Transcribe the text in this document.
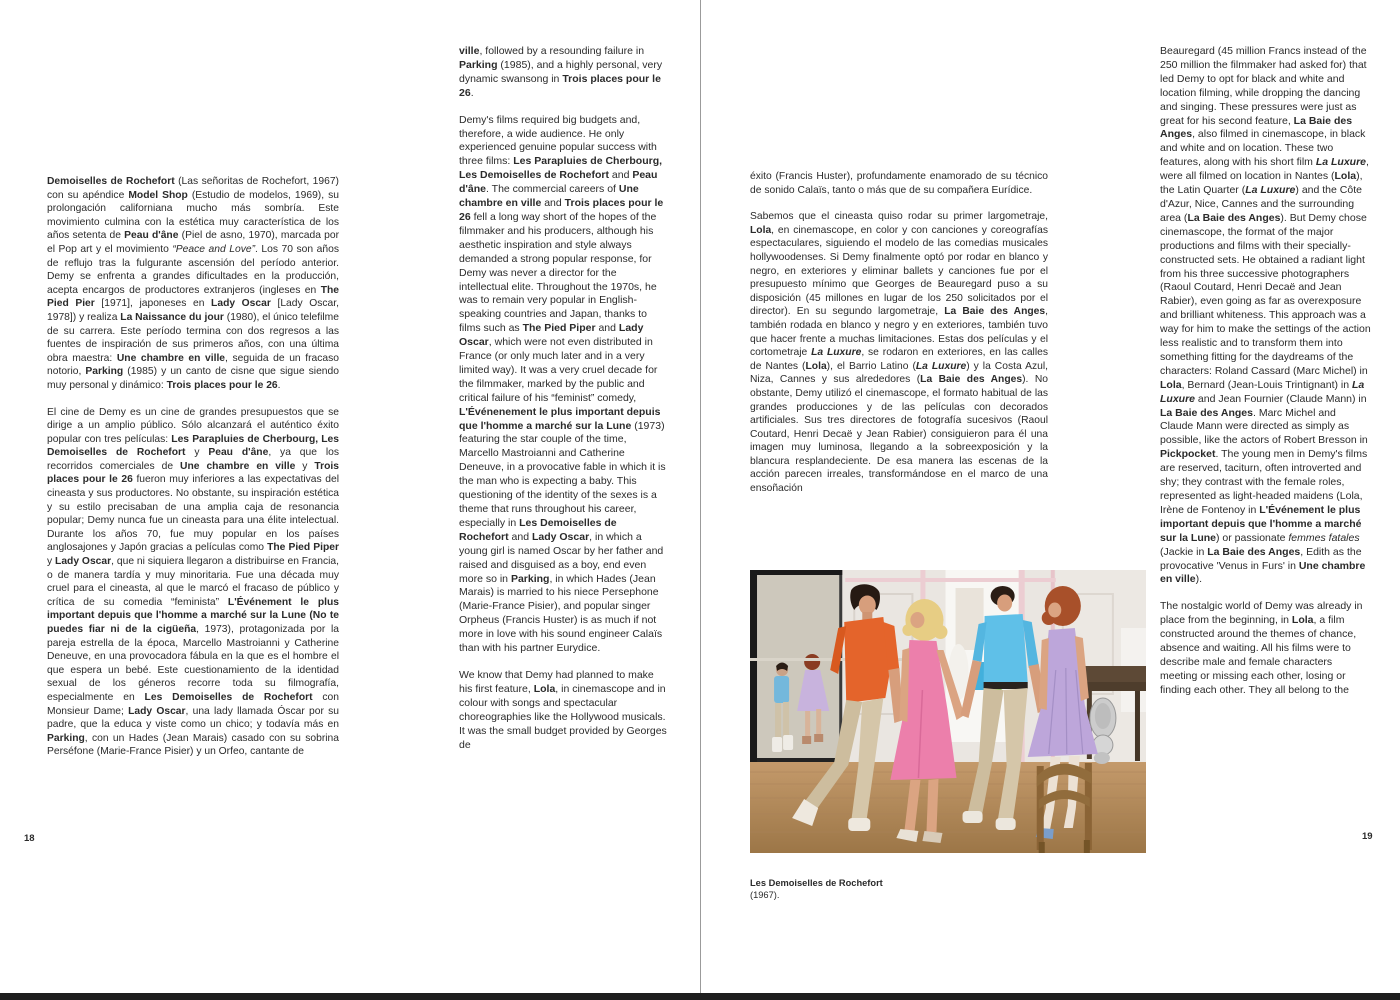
Demoiselles de Rochefort (Las señoritas de Rochefort, 1967) con su apéndice Model Shop (Estudio de modelos, 1969), su prolongación californiana mucho más sombría. Este movimiento culmina con la estética muy característica de los años setenta de Peau d'âne (Piel de asno, 1970), marcada por el Pop art y el movimiento “Peace and Love”. Los 70 son años de reflujo tras la fulgurante ascensión del período anterior. Demy se enfrenta a grandes dificultades en la producción, acepta encargos de productores extranjeros (ingleses en The Pied Pier [1971], japoneses en Lady Oscar [Lady Oscar, 1978]) y realiza La Naissance du jour (1980), el único telefilme de su carrera. Este período termina con dos regresos a las fuentes de inspiración de sus primeros años, con una última obra maestra: Une chambre en ville, seguida de un fracaso notorio, Parking (1985) y un canto de cisne que sigue siendo muy personal y dinámico: Trois places pour le 26.

El cine de Demy es un cine de grandes presupuestos que se dirige a un amplio público. Sólo alcanzará el auténtico éxito popular con tres películas: Les Parapluies de Cherbourg, Les Demoiselles de Rochefort y Peau d'âne, ya que los recorridos comerciales de Une chambre en ville y Trois places pour le 26 fueron muy inferiores a las expectativas del cineasta y sus productores. No obstante, su inspiración estética y su estilo precisaban de una amplia caja de resonancia popular; Demy nunca fue un cineasta para una élite intelectual. Durante los años 70, fue muy popular en los países anglosajones y Japón gracias a películas como The Pied Piper y Lady Oscar, que ni siquiera llegaron a distribuirse en Francia, o de manera tardía y muy minoritaria. Fue una década muy cruel para el cineasta, al que le marcó el fracaso de público y crítica de su comedia “feminista” L'Événement le plus important depuis que l'homme a marché sur la Lune (No te puedes fiar ni de la cigüeña, 1973), protagonizada por la pareja estrella de la época, Marcello Mastroianni y Catherine Deneuve, en una provocadora fábula en la que es el hombre el que espera un bebé. Este cuestionamiento de la identidad sexual de los géneros recorre toda su filmografía, especialmente en Les Demoiselles de Rochefort con Monsieur Dame; Lady Oscar, una lady llamada Óscar por su padre, que la educa y viste como un chico; y todavía más en Parking, con un Hades (Jean Marais) casado con su sobrina Perséfone (Marie-France Pisier) y un Orfeo, cantante de

ville, followed by a resounding failure in Parking (1985), and a highly personal, very dynamic swansong in Trois places pour le 26.

Demy's films required big budgets and, therefore, a wide audience. He only experienced genuine popular success with three films: Les Parapluies de Cherbourg, Les Demoiselles de Rochefort and Peau d'âne. The commercial careers of Une chambre en ville and Trois places pour le 26 fell a long way short of the hopes of the filmmaker and his producers, although his aesthetic inspiration and style always demanded a strong popular response, for Demy was never a director for the intellectual elite. Throughout the 1970s, he was to remain very popular in English-speaking countries and Japan, thanks to films such as The Pied Piper and Lady Oscar, which were not even distributed in France (or only much later and in a very limited way). It was a very cruel decade for the filmmaker, marked by the public and critical failure of his “feminist” comedy, L'Événenement le plus important depuis que l'homme a marché sur la Lune (1973) featuring the star couple of the time, Marcello Mastroianni and Catherine Deneuve, in a provocative fable in which it is the man who is expecting a baby. This questioning of the identity of the sexes is a theme that runs throughout his career, especially in Les Demoiselles de Rochefort and Lady Oscar, in which a young girl is named Oscar by her father and raised and disguised as a boy, end even more so in Parking, in which Hades (Jean Marais) is married to his niece Persephone (Marie-France Pisier), and popular singer Orpheus (Francis Huster) is as much if not more in love with his sound engineer Calaïs than with his partner Eurydice.

We know that Demy had planned to make his first feature, Lola, in cinemascope and in colour with songs and spectacular choreographies like the Hollywood musicals. It was the small budget provided by Georges de

18

éxito (Francis Huster), profundamente enamorado de su técnico de sonido Calaïs, tanto o más que de su compañera Eurídice.

Sabemos que el cineasta quiso rodar su primer largometraje, Lola, en cinemascope, en color y con canciones y coreografías espectaculares, siguiendo el modelo de las comedias musicales hollywoodenses. Si Demy finalmente optó por rodar en blanco y negro, en exteriores y eliminar ballets y canciones fue por el presupuesto mínimo que Georges de Beauregard puso a su disposición (45 millones en lugar de los 250 solicitados por el director). En su segundo largometraje, La Baie des Anges, también rodada en blanco y negro y en exteriores, también tuvo que hacer frente a muchas limitaciones. Estas dos películas y el cortometraje La Luxure, se rodaron en exteriores, en las calles de Nantes (Lola), el Barrio Latino (La Luxure) y la Costa Azul, Niza, Cannes y sus alrededores (La Baie des Anges). No obstante, Demy utilizó el cinemascope, el formato habitual de las grandes producciones y de las películas con decorados artificiales. Sus tres directores de fotografía sucesivos (Raoul Coutard, Henri Decaë y Jean Rabier) consiguieron para él una imagen muy luminosa, llegando a la sobreexposición y la blancura resplandeciente. De esa manera las escenas de la acción parecen irreales, transformándose en el marco de una ensoñación

Les Demoiselles de Rochefort (1967).

Beauregard (45 million Francs instead of the 250 million the filmmaker had asked for) that led Demy to opt for black and white and location filming, while dropping the dancing and singing. These pressures were just as great for his second feature, La Baie des Anges, also filmed in cinemascope, in black and white and on location. These two features, along with his short film La Luxure, were all filmed on location in Nantes (Lola), the Latin Quarter (La Luxure) and the Côte d'Azur, Nice, Cannes and the surrounding area (La Baie des Anges). But Demy chose cinemascope, the format of the major productions and films with their specially-constructed sets. He obtained a radiant light from his three successive photographers (Raoul Coutard, Henri Decaë and Jean Rabier), even going as far as overexposure and brilliant whiteness. This approach was a way for him to make the settings of the action less realistic and to transform them into something fitting for the daydreams of the characters: Roland Cassard (Marc Michel) in Lola, Bernard (Jean-Louis Trintignant) in La Luxure and Jean Fournier (Claude Mann) in La Baie des Anges. Marc Michel and Claude Mann were directed as simply as possible, like the actors of Robert Bresson in Pickpocket. The young men in Demy's films are reserved, taciturn, often introverted and shy; they contrast with the female roles, represented as light-headed maidens (Lola, Irène de Fontenoy in L'Événement le plus important depuis que l'homme a marché sur la Lune) or passionate femmes fatales (Jackie in La Baie des Anges, Edith as the provocative 'Venus in Furs' in Une chambre en ville).

The nostalgic world of Demy was already in place from the beginning, in Lola, a film constructed around the themes of chance, absence and waiting. All his films were to describe male and female characters meeting or missing each other, losing or finding each other. They all belong to the

19
